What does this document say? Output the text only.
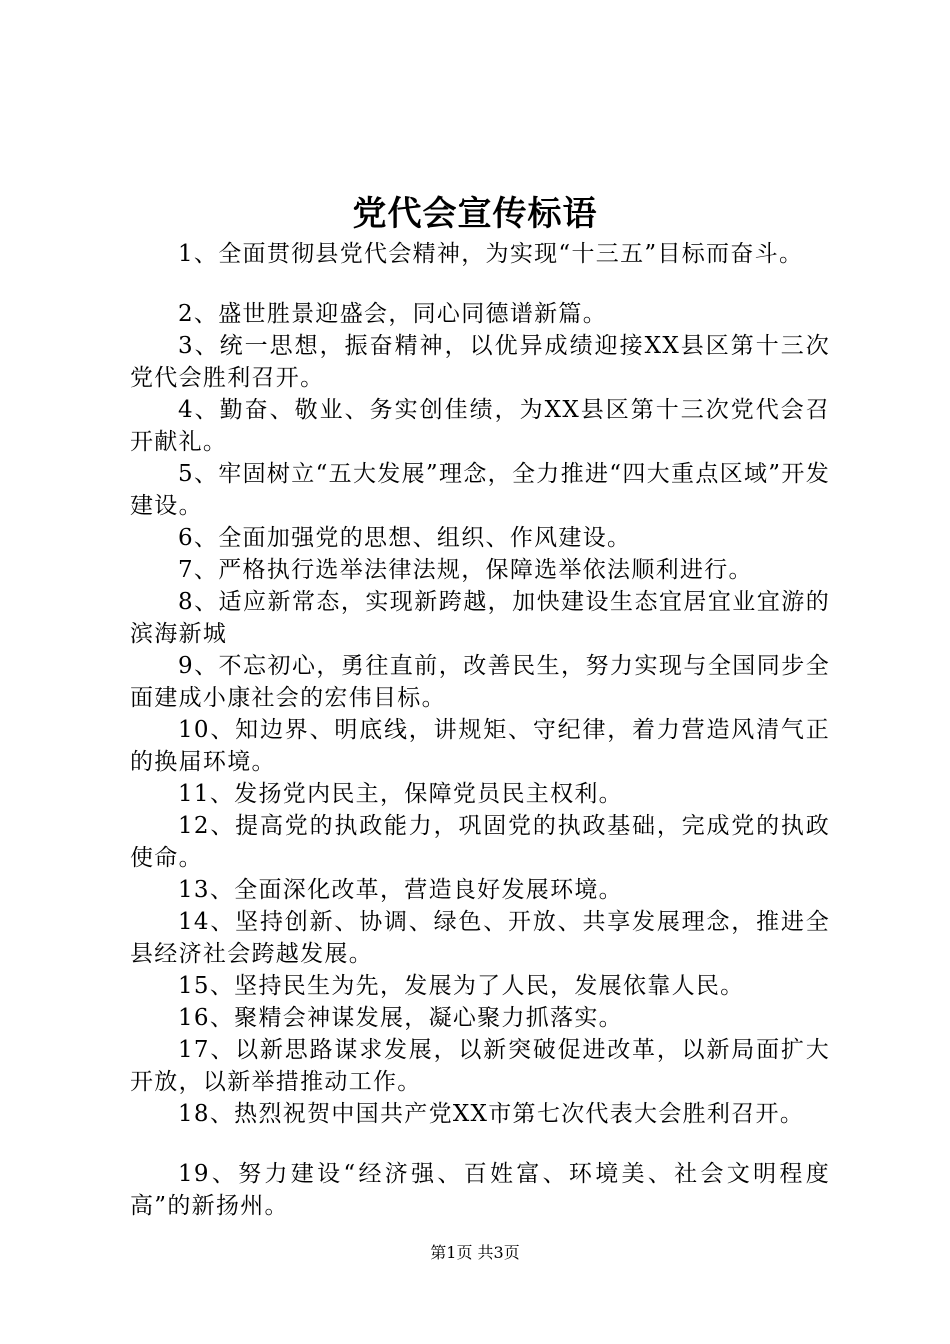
党代会宣传标语

1、全面贯彻县党代会精神，为实现“十三五”目标而奋斗。

2、盛世胜景迎盛会，同心同德谱新篇。

3、统一思想，振奋精神，以优异成绩迎接XX县区第十三次党代会胜利召开。

4、勤奋、敬业、务实创佳绩，为XX县区第十三次党代会召开献礼。

5、牢固树立“五大发展”理念，全力推进“四大重点区域”开发建设。

6、全面加强党的思想、组织、作风建设。

7、严格执行选举法律法规，保障选举依法顺利进行。

8、适应新常态，实现新跨越，加快建设生态宜居宜业宜游的滨海新城

9、不忘初心，勇往直前，改善民生，努力实现与全国同步全面建成小康社会的宏伟目标。

10、知边界、明底线，讲规矩、守纪律，着力营造风清气正的换届环境。

11、发扬党内民主，保障党员民主权利。

12、提高党的执政能力，巩固党的执政基础，完成党的执政使命。

13、全面深化改革，营造良好发展环境。

14、坚持创新、协调、绿色、开放、共享发展理念，推进全县经济社会跨越发展。

15、坚持民生为先，发展为了人民，发展依靠人民。

16、聚精会神谋发展，凝心聚力抓落实。

17、以新思路谋求发展，以新突破促进改革，以新局面扩大开放，以新举措推动工作。

18、热烈祝贺中国共产党XX市第七次代表大会胜利召开。

19、努力建设“经济强、百姓富、环境美、社会文明程度高”的新扬州。

第1页 共3页
